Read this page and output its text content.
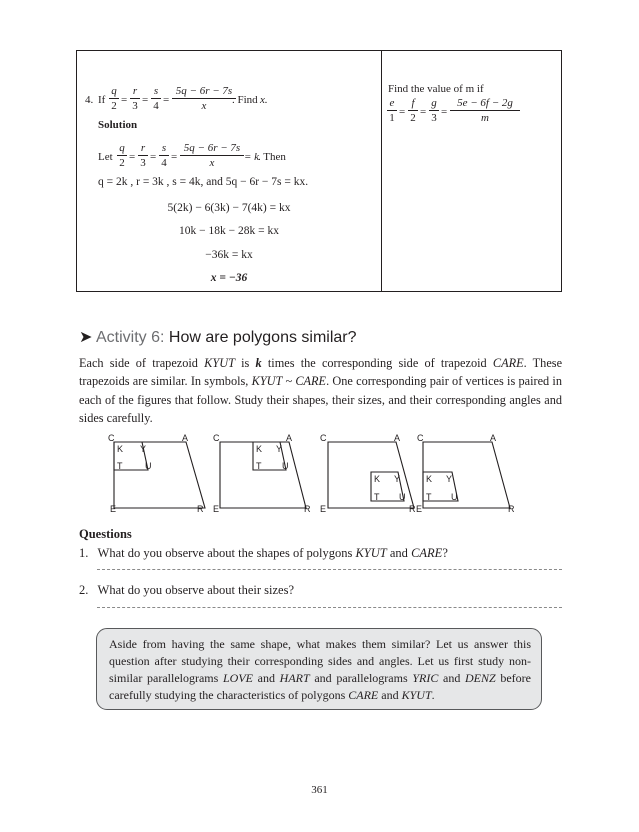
4. If
q
2 =
r
3 =
s
4 =
5q − 6r − 7s
x	. Find x.
Solution
Let
q
2 =
r
3 =
s
4 =
5q − 6r − 7s
x	= k
. Then
q = 2k , r = 3k , s = 4k, and 5q − 6r − 7s = kx.
5(2k) − 6(3k) − 7(4k) = kx
10k − 18k − 28k = kx
−36k = kx
x = −36
Find the value of m if
e
1 =
f
2 =
g
3 =
5e − 6f − 2g
m
➤ Activity 6: How are polygons similar?

Each side of trapezoid KYUT is k times the corresponding side of trapezoid CARE. These trapezoids are similar. In symbols, KYUT ~ CARE. One corresponding pair of vertices is paired in each of the figures that follow. Study their shapes, their sizes, and their corresponding angles and sides carefully.

C	A
R
E
K Y
T	U
C	A
R
E
K Y
T U
C	A
R
E
K Y
T U
C	A
R
E
K Y
T U
Questions
1. What do you observe about the shapes of polygons KYUT and CARE?
2. What do you observe about their sizes?
Aside from having the same shape, what makes them similar? Let us answer this question after studying their corresponding sides and angles. Let us first study non-similar parallelograms LOVE and HART and parallelograms YRIC and DENZ before carefully studying the characteristics of polygons CARE and KYUT.
361
